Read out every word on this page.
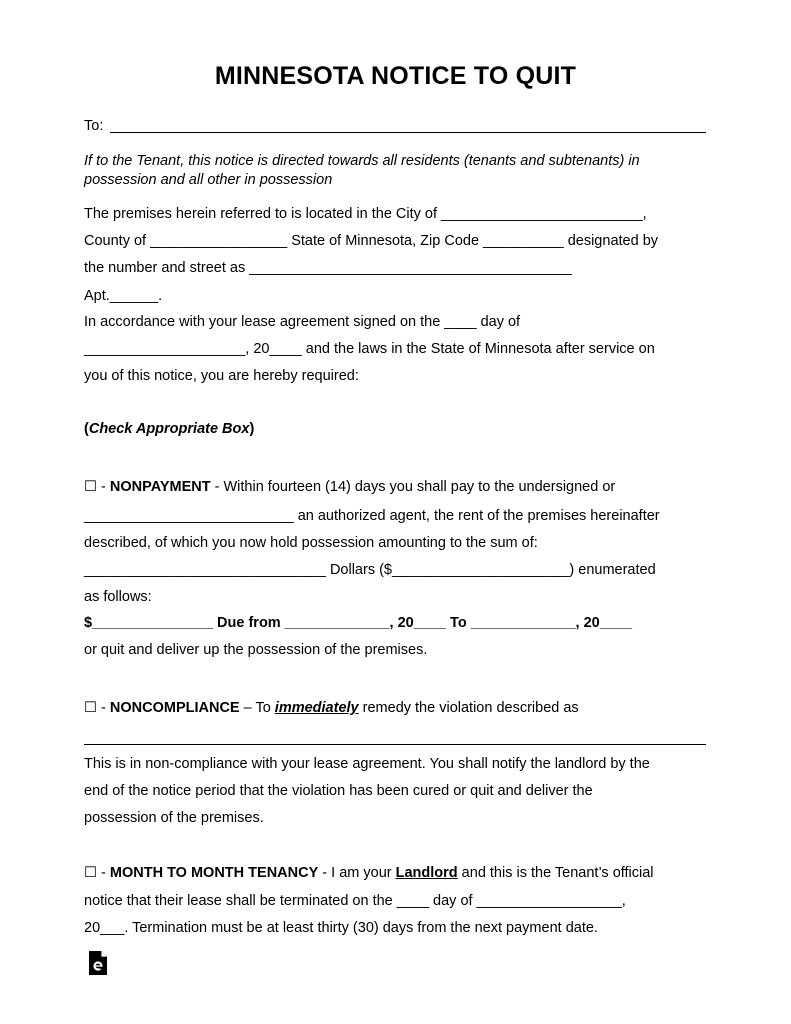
MINNESOTA NOTICE TO QUIT
To:
If to the Tenant, this notice is directed towards all residents (tenants and subtenants) in
possession and all other in possession
The premises herein referred to is located in the City of _________________________,
County of _________________ State of Minnesota, Zip Code __________ designated by
the number and street as ________________________________________
Apt.______.
In accordance with your lease agreement signed on the ____ day of
____________________, 20____ and the laws in the State of Minnesota after service on
you of this notice, you are hereby required:
(Check Appropriate Box)
☐ - NONPAYMENT - Within fourteen (14) days you shall pay to the undersigned or
__________________________ an authorized agent, the rent of the premises hereinafter
described, of which you now hold possession amounting to the sum of:
______________________________ Dollars ($______________________) enumerated
as follows:
$_______________ Due from _____________, 20____ To _____________, 20____
or quit and deliver up the possession of the premises.
☐ - NONCOMPLIANCE – To immediately remedy the violation described as
This is in non-compliance with your lease agreement. You shall notify the landlord by the
end of the notice period that the violation has been cured or quit and deliver the
possession of the premises.
☐ - MONTH TO MONTH TENANCY - I am your Landlord and this is the Tenant’s official
notice that their lease shall be terminated on the ____ day of __________________,
20___. Termination must be at least thirty (30) days from the next payment date.
